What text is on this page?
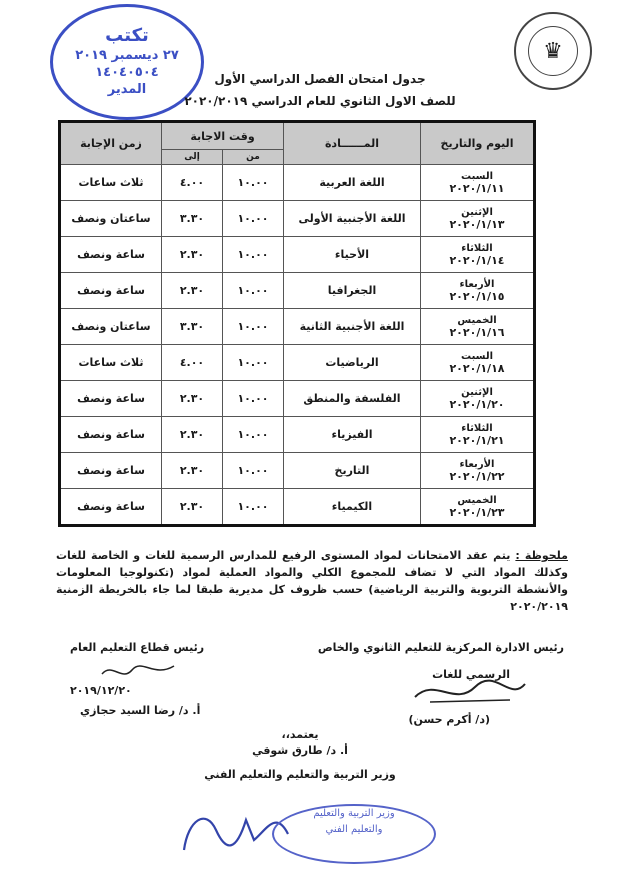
تكتب
٢٧ ديسمبر ٢٠١٩
١٤٠٤٠٥٠٤
المدير
♛
جدول امتحان الفصل الدراسي الأول
للصف الاول الثانوي للعام الدراسي ٢٠٢٠/٢٠١٩
اليوم والتاريخ	المــــــادة	وقت الاجابة		زمن الإجابة
		من	إلى	

السبت
٢٠٢٠/١/١١	اللغة العربية	١٠.٠٠	٤.٠٠	ثلاث ساعات

الإثنين
٢٠٢٠/١/١٣	اللغة الأجنبية الأولى	١٠.٠٠	٣.٣٠	ساعتان ونصف

الثلاثاء
٢٠٢٠/١/١٤	الأحياء	١٠.٠٠	٢.٣٠	ساعة ونصف

الأربعاء
٢٠٢٠/١/١٥	الجغرافيا	١٠.٠٠	٢.٣٠	ساعة ونصف

الخميس
٢٠٢٠/١/١٦	اللغة الأجنبية الثانية	١٠.٠٠	٣.٣٠	ساعتان ونصف

السبت
٢٠٢٠/١/١٨	الرياضيات	١٠.٠٠	٤.٠٠	ثلاث ساعات

الإثنين
٢٠٢٠/١/٢٠	الفلسفة والمنطق	١٠.٠٠	٢.٣٠	ساعة ونصف

الثلاثاء
٢٠٢٠/١/٢١	الفيزياء	١٠.٠٠	٢.٣٠	ساعة ونصف

الأربعاء
٢٠٢٠/١/٢٢	التاريخ	١٠.٠٠	٢.٣٠	ساعة ونصف

الخميس
٢٠٢٠/١/٢٣	الكيمياء	١٠.٠٠	٢.٣٠	ساعة ونصف
ملحوظة : يتم عقد الامتحانات لمواد المستوى الرفيع للمدارس الرسمية للغات و الخاصة للغات وكذلك المواد التي لا تضاف للمجموع الكلي والمواد العملية لمواد (تكنولوجيا المعلومات والأنشطة التربوية والتربية الرياضية) حسب ظروف كل مديرية طبقا لما جاء بالخريطة الزمنية ٢٠٢٠/٢٠١٩
رئيس الادارة المركزية للتعليم الثانوي والخاص
الرسمي للغات
(د/ أكرم حسن)
رئيس قطاع التعليم العام
٢٠١٩/١٢/٢٠
أ. د/ رضا السيد حجازي
يعتمد،،
أ. د/ طارق شوقي
وزير التربية والتعليم والتعليم الفني
وزير التربية والتعليم
والتعليم الفني
